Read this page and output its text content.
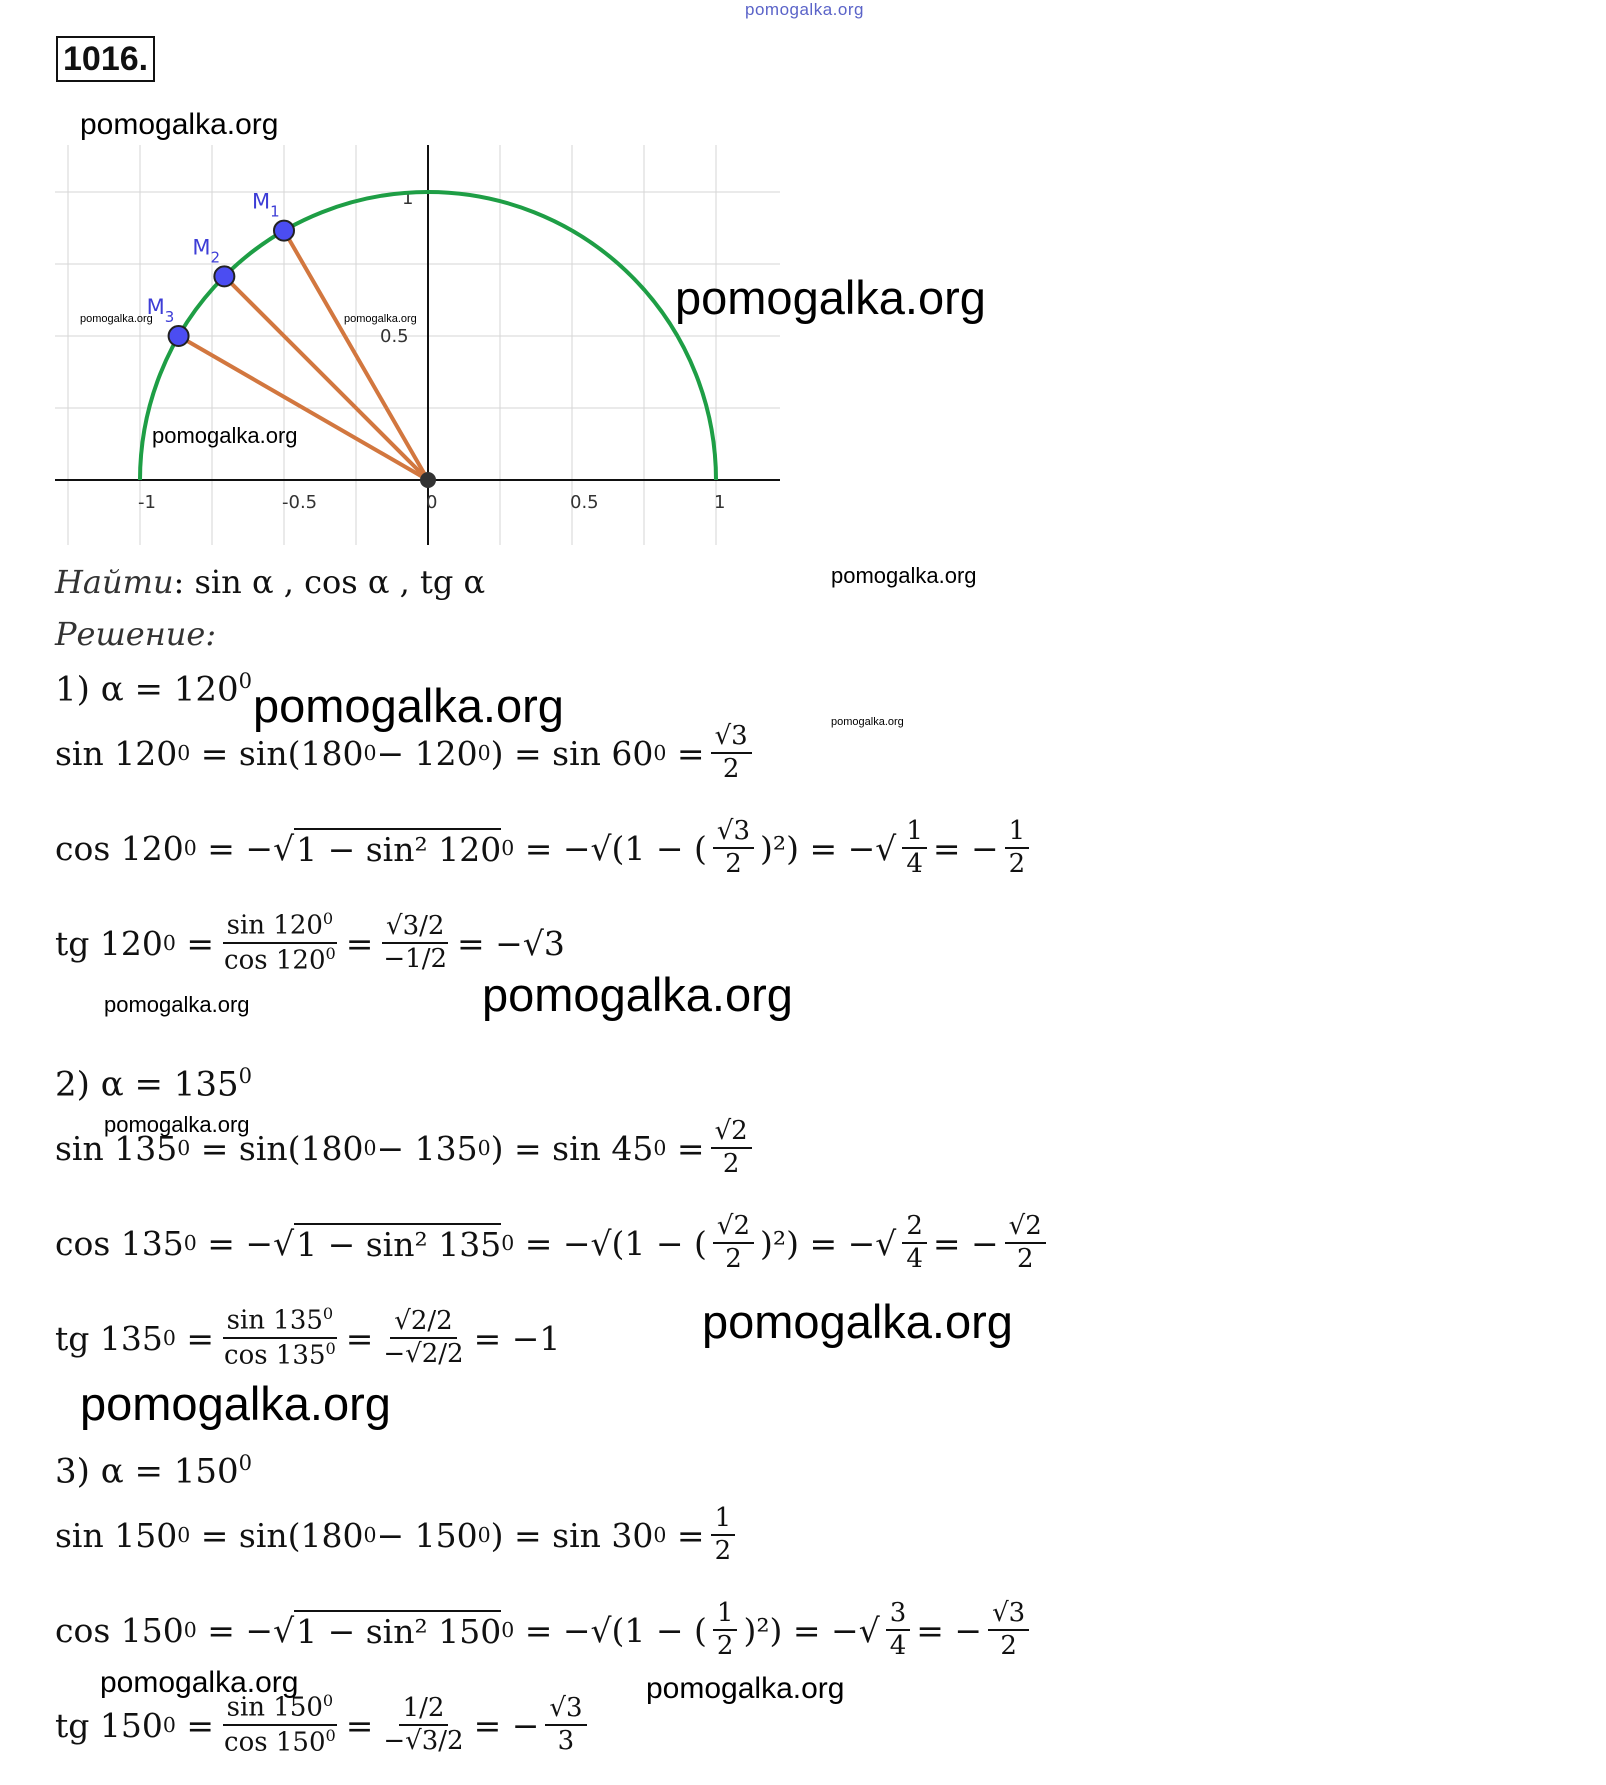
pomogalka.org
1016.
pomogalka.org
-1	-0.5	0	0.5	1
0.5
1
$M_1$
$M_2$
$M_3$
pomogalka.org	pomogalka.org
pomogalka.org
pomogalka.org
Найти: sin α , cos α , tg α	pomogalka.org
Решение:
1) $\alpha = 120^0$
sin 120 0
= sin(180 0 − 120 0 ) = sin 60 $0 = \frac{√3}{2}$
cos 120 0
= −√ 1 − sin² 120 0
= −√(1 − ( $\frac{√3}{2} )^2$) = −√ $\frac{1}{4}$ = − $\frac{1}{2}$
tg 120 $0 = \frac{\sin 120^0}{\cos 120^0} = \frac{√3/2}{-1/2} = -√3$
2) $\alpha = 135^0$
sin 135 0
= sin(180 0 − 135 0 ) = sin 45 $0 = \frac{√2}{2}$
cos 135 0
= −√ 1 − sin² 135 0
= −√(1 − ( $\frac{√2}{2} )^2$) = −√ $\frac{2}{4}$ = − $\frac{√2}{2}$
tg 135 $0 = \frac{\sin 135^0}{\cos 135^0} = \frac{√2/2}{-√2/2} = -1$
3) $\alpha = 150^0$
sin 150 0
= sin(180 0 − 150 0 ) = sin 30 $0 = \frac{1}{2}$
cos 150 0
= −√ 1 − sin² 150 0
= −√(1 − ( $\frac{1}{2} )^2$) = −√ $\frac{3}{4}$ = − $\frac{√3}{2}$
tg 150 $0 = \frac{\sin 150^0}{\cos 150^0} = \frac{1/2}{-√3/2}$ = − $\frac{√3}{3}$
pomogalka.org	pomogalka.org
pomogalka.org	pomogalka.org
pomogalka.org
pomogalka.org
pomogalka.org
pomogalka.org	pomogalka.org
